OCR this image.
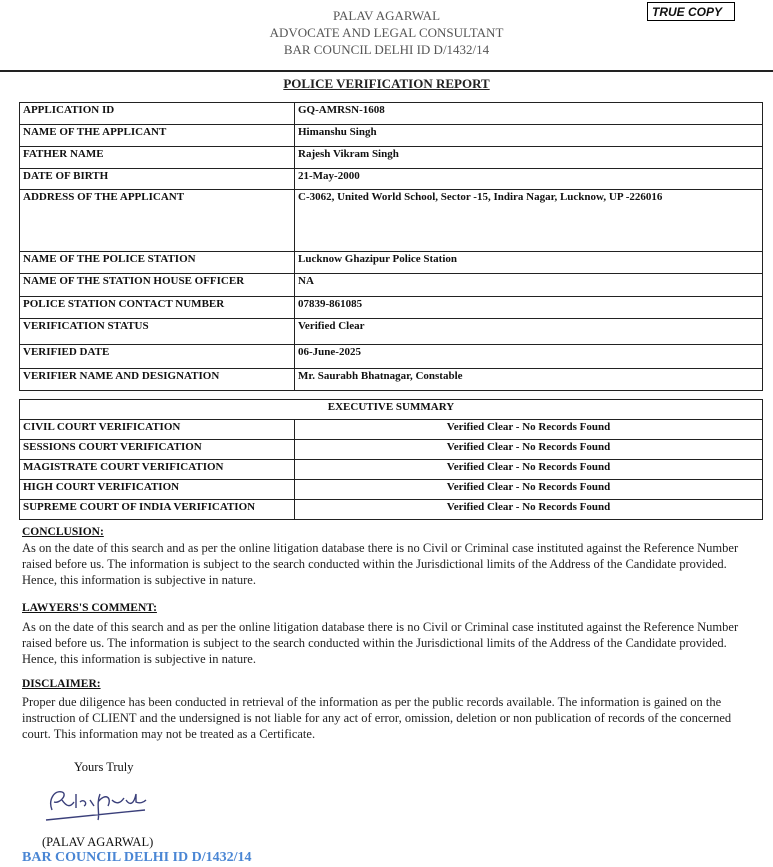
PALAV AGARWAL
ADVOCATE AND LEGAL CONSULTANT
BAR COUNCIL DELHI ID D/1432/14
TRUE COPY
POLICE VERIFICATION REPORT
APPLICATION ID	GQ-AMRSN-1608
NAME OF THE APPLICANT	Himanshu Singh
FATHER NAME	Rajesh Vikram Singh
DATE OF BIRTH	21-May-2000
ADDRESS OF THE APPLICANT	C-3062, United World School, Sector -15, Indira Nagar, Lucknow, UP -226016
NAME OF THE POLICE STATION	Lucknow Ghazipur Police Station
NAME OF THE STATION HOUSE OFFICER	NA
POLICE STATION CONTACT NUMBER	07839-861085
VERIFICATION STATUS	Verified Clear
VERIFIED DATE	06-June-2025
VERIFIER NAME AND DESIGNATION	Mr. Saurabh Bhatnagar, Constable
EXECUTIVE SUMMARY	
CIVIL COURT VERIFICATION	Verified Clear - No Records Found
SESSIONS COURT VERIFICATION	Verified Clear - No Records Found
MAGISTRATE COURT VERIFICATION	Verified Clear - No Records Found
HIGH COURT VERIFICATION	Verified Clear - No Records Found
SUPREME COURT OF INDIA VERIFICATION	Verified Clear - No Records Found
CONCLUSION:
As on the date of this search and as per the online litigation database there is no Civil or Criminal case instituted against the Reference Number raised before us. The information is subject to the search conducted within the Jurisdictional limits of the Address of the Candidate provided. Hence, this information is subjective in nature.
LAWYERS'S COMMENT:
As on the date of this search and as per the online litigation database there is no Civil or Criminal case instituted against the Reference Number raised before us. The information is subject to the search conducted within the Jurisdictional limits of the Address of the Candidate provided. Hence, this information is subjective in nature.
DISCLAIMER:
Proper due diligence has been conducted in retrieval of the information as per the public records available. The information is gained on the instruction of CLIENT and the undersigned is not liable for any act of error, omission, deletion or non publication of records of the concerned court. This information may not be treated as a Certificate.
Yours Truly
(PALAV AGARWAL)
BAR COUNCIL DELHI ID D/1432/14
